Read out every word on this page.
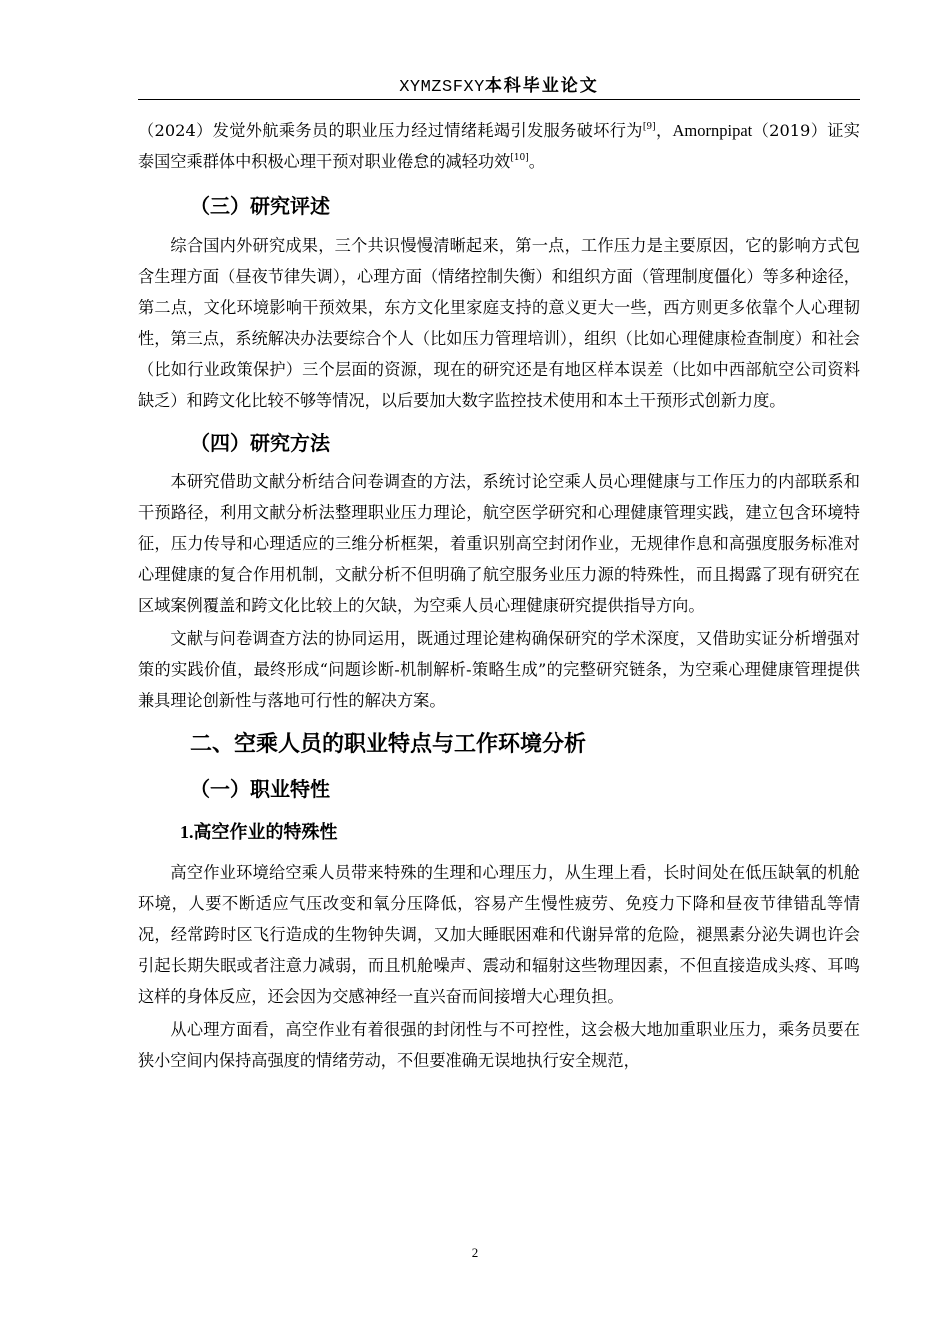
XYMZSFXY本科毕业论文

（2024）发觉外航乘务员的职业压力经过情绪耗竭引发服务破坏行为[9]，Amornpipat（2019）证实泰国空乘群体中积极心理干预对职业倦怠的减轻功效[10]。

（三）研究评述

综合国内外研究成果，三个共识慢慢清晰起来，第一点，工作压力是主要原因，它的影响方式包含生理方面（昼夜节律失调），心理方面（情绪控制失衡）和组织方面（管理制度僵化）等多种途径，第二点，文化环境影响干预效果，东方文化里家庭支持的意义更大一些，西方则更多依靠个人心理韧性，第三点，系统解决办法要综合个人（比如压力管理培训），组织（比如心理健康检查制度）和社会（比如行业政策保护）三个层面的资源，现在的研究还是有地区样本误差（比如中西部航空公司资料缺乏）和跨文化比较不够等情况，以后要加大数字监控技术使用和本土干预形式创新力度。

（四）研究方法

本研究借助文献分析结合问卷调查的方法，系统讨论空乘人员心理健康与工作压力的内部联系和干预路径，利用文献分析法整理职业压力理论，航空医学研究和心理健康管理实践，建立包含环境特征，压力传导和心理适应的三维分析框架，着重识别高空封闭作业，无规律作息和高强度服务标准对心理健康的复合作用机制，文献分析不但明确了航空服务业压力源的特殊性，而且揭露了现有研究在区域案例覆盖和跨文化比较上的欠缺，为空乘人员心理健康研究提供指导方向。

文献与问卷调查方法的协同运用，既通过理论建构确保研究的学术深度，又借助实证分析增强对策的实践价值，最终形成“问题诊断-机制解析-策略生成”的完整研究链条，为空乘心理健康管理提供兼具理论创新性与落地可行性的解决方案。

二、空乘人员的职业特点与工作环境分析
（一）职业特性
1.高空作业的特殊性

高空作业环境给空乘人员带来特殊的生理和心理压力，从生理上看，长时间处在低压缺氧的机舱环境，人要不断适应气压改变和氧分压降低，容易产生慢性疲劳、免疫力下降和昼夜节律错乱等情况，经常跨时区飞行造成的生物钟失调，又加大睡眠困难和代谢异常的危险，褪黑素分泌失调也许会引起长期失眠或者注意力减弱，而且机舱噪声、震动和辐射这些物理因素，不但直接造成头疼、耳鸣这样的身体反应，还会因为交感神经一直兴奋而间接增大心理负担。

从心理方面看，高空作业有着很强的封闭性与不可控性，这会极大地加重职业压力，乘务员要在狭小空间内保持高强度的情绪劳动，不但要准确无误地执行安全规范，

2
